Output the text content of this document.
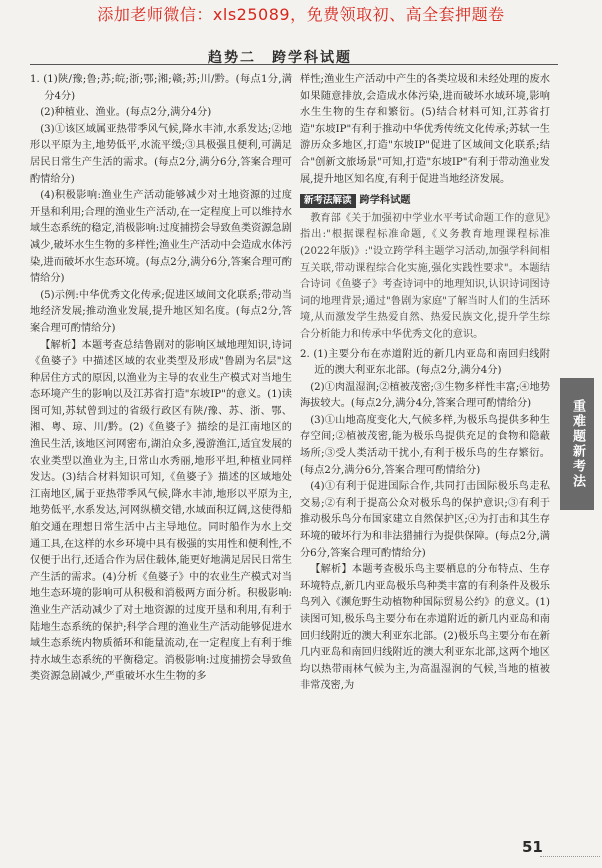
添加老师微信：xls25089，免费领取初、高全套押题卷
趋势二　跨学科试题

1. (1)陕/豫;鲁;苏;皖;浙;鄂;湘;赣;苏;川/黔。(每点1分,满分4分)

(2)种植业、渔业。(每点2分,满分4分)

(3)①该区域属亚热带季风气候,降水丰沛,水系发达;②地形以平原为主,地势低平,水流平缓;③具极强且便利,可满足居民日常生产生活的需求。(每点2分,满分6分,答案合理可酌情给分)

(4)积极影响:渔业生产活动能够减少对土地资源的过度开垦和利用;合理的渔业生产活动,在一定程度上可以维持水域生态系统的稳定,消极影响:过度捕捞会导致鱼类资源急剧减少,破坏水生生物的多样性;渔业生产活动中会造成水体污染,进而破坏水生态环境。(每点2分,满分6分,答案合理可酌情给分)

(5)示例:中华优秀文化传承;促进区域间文化联系;带动当地经济发展;推动渔业发展,提升地区知名度。(每点2分,答案合理可酌情给分)

【解析】本题考查总结鲁剧对的影响区域地理知识,诗词《鱼婆子》中描述区域的农业类型及形成"鲁剧为名层"这种居住方式的原因,以渔业为主导的农业生产模式对当地生态环境产生的影响以及江苏省打造"东坡IP"的意义。(1)读图可知,苏轼曾到过的省级行政区有陕/豫、苏、浙、鄂、湘、粤、琼、川/黔。(2)《鱼婆子》描绘的是江南地区的渔民生活,该地区河网密布,湖泊众多,漫游渔江,适宜发展的农业类型以渔业为主,日常山水秀丽,地形平坦,种植业同样发达。(3)结合材料知识可知,《鱼婆子》描述的区域地处江南地区,属于亚热带季风气候,降水丰沛,地形以平原为主,地势低平,水系发达,河网纵横交错,水域面积辽阔,这使得船舶交通在理想日常生活中占主导地位。同时船作为水上交通工具,在这样的水乡环境中具有极强的实用性和便利性,不仅便于出行,还适合作为居住载体,能更好地满足居民日常生产生活的需求。(4)分析《鱼婆子》中的农业生产模式对当地生态环境的影响可从积极和消极两方面分析。积极影响:渔业生产活动减少了对土地资源的过度开垦和利用,有利于陆地生态系统的保护;科学合理的渔业生产活动能够促进水域生态系统内物质循环和能量流动,在一定程度上有利于维持水域生态系统的平衡稳定。消极影响:过度捕捞会导致鱼类资源急剧减少,严重破坏水生生物的多

样性;渔业生产活动中产生的各类垃圾和未经处理的废水如果随意排放,会造成水体污染,进而破坏水域环境,影响水生生物的生存和繁衍。(5)结合材料可知,江苏省打造"东坡IP"有利于推动中华优秀传统文化传承;苏轼一生游历众多地区,打造"东坡IP"促进了区域间文化联系;结合"创新文旅场景"可知,打造"东坡IP"有利于带动渔业发展,提升地区知名度,有利于促进当地经济发展。

新考法解读 跨学科试题

教育部《关于加强初中学业水平考试命题工作的意见》指出:"根据课程标准命题,《义务教育地理课程标准(2022年版)》:"设立跨学科主题学习活动,加强学科间相互关联,带动课程综合化实施,强化实践性要求"。本题结合诗词《鱼婆子》考查诗词中的地理知识,认识诗词图诗词的地理背景;通过"鲁剧为家庭"了解当时人们的生活环境,从而激发学生热爱自然、热爱民族文化,提升学生综合分析能力和传承中华优秀文化的意识。

2. (1)主要分布在赤道附近的新几内亚岛和南回归线附近的澳大利亚东北部。(每点2分,满分4分)

(2)①肉温湿润;②植被茂密;③生物多样性丰富;④地势海拔较大。(每点2分,满分4分,答案合理可酌情给分)

(3)①山地高度变化大,气候多样,为极乐鸟提供多种生存空间;②植被茂密,能为极乐鸟提供充足的食物和隐蔽场所;③受人类活动干扰小,有利于极乐鸟的生存繁衍。(每点2分,满分6分,答案合理可酌情给分)

(4)①有利于促进国际合作,共同打击国际极乐鸟走私交易;②有利于提高公众对极乐鸟的保护意识;③有利于推动极乐鸟分布国家建立自然保护区;④为打击和其生存环境的破坏行为和非法猎捕行为提供保障。(每点2分,满分6分,答案合理可酌情给分)

【解析】本题考查极乐鸟主要栖息的分布特点、生存环境特点,新几内亚岛极乐鸟种类丰富的有利条件及极乐鸟列入《濒危野生动植物种国际贸易公约》的意义。(1)读图可知,极乐鸟主要分布在赤道附近的新几内亚岛和南回归线附近的澳大利亚东北部。(2)极乐鸟主要分布在新几内亚岛和南回归线附近的澳大利亚东北部,这两个地区均以热带雨林气候为主,为高温湿润的气候,当地的植被非常茂密,为

重难题新考法
51
